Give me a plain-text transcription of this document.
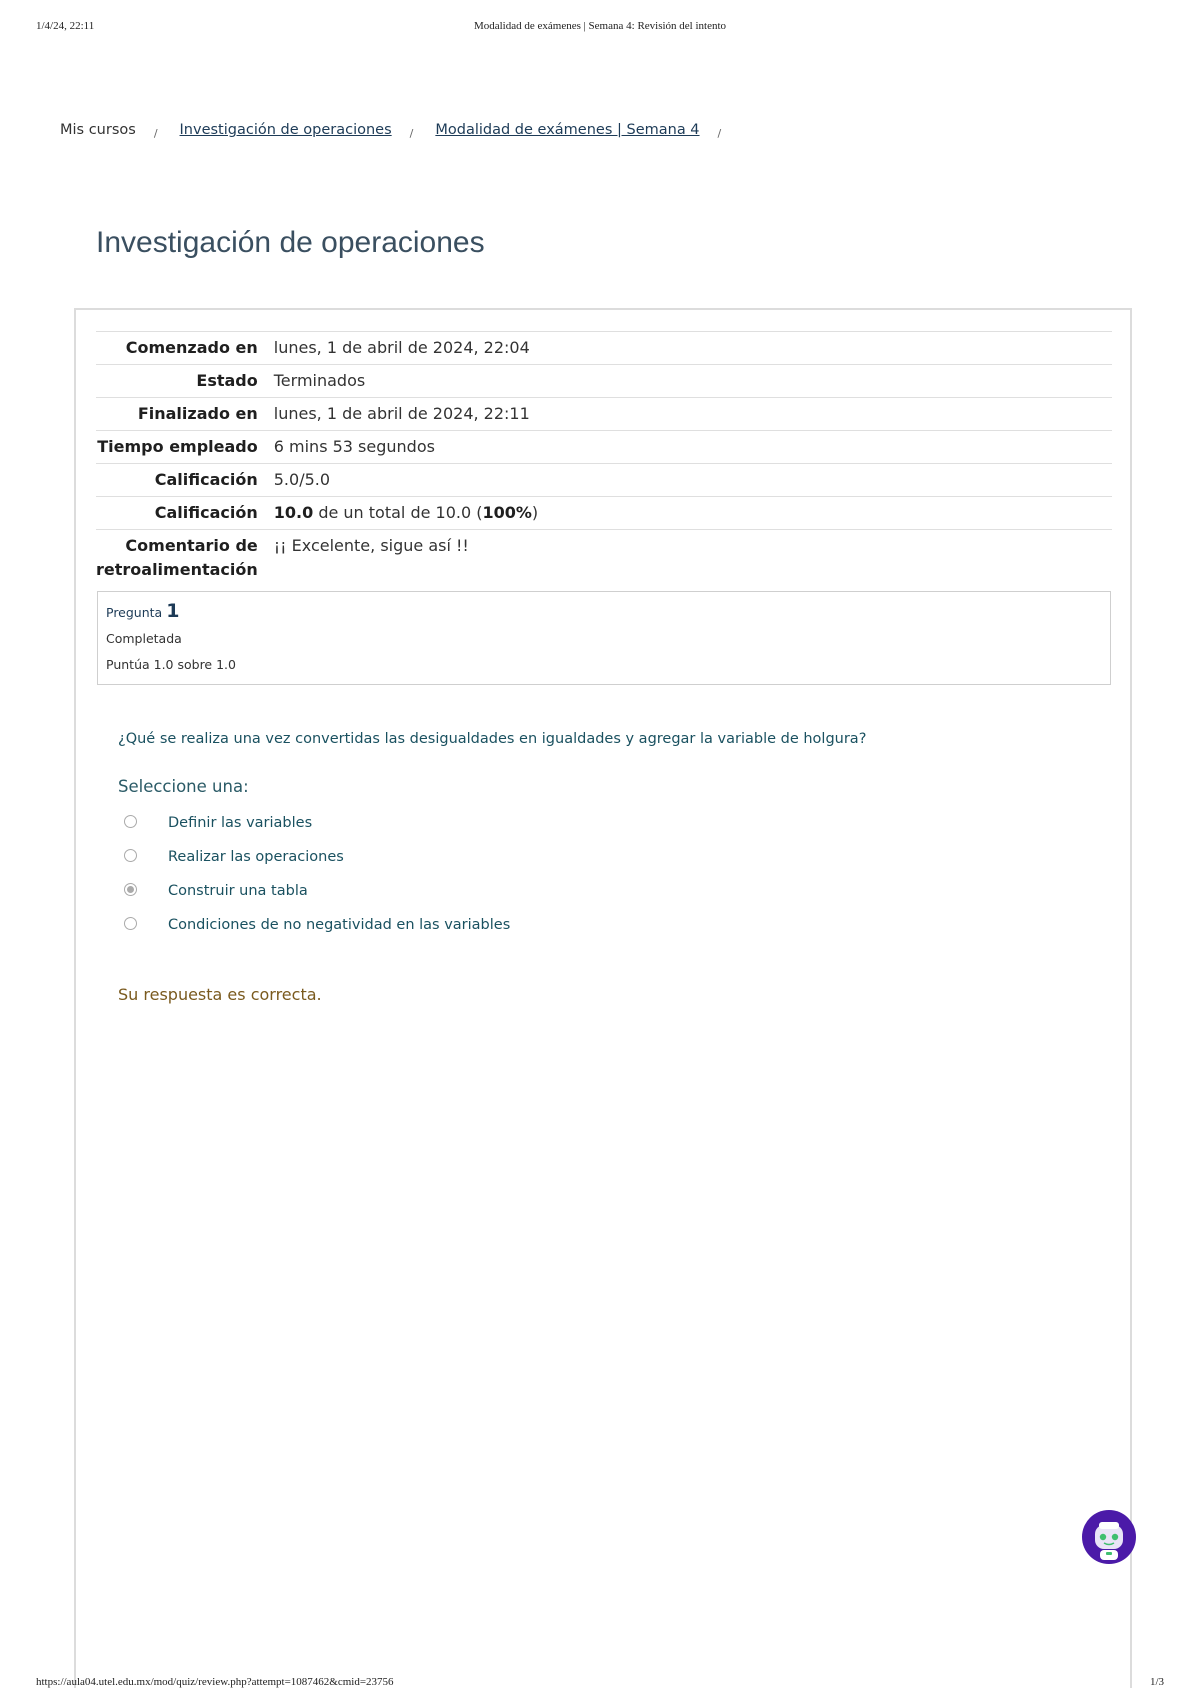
1/4/24, 22:11	Modalidad de exámenes | Semana 4: Revisión del intento
Mis cursos / Investigación de operaciones / Modalidad de exámenes | Semana 4 /
Investigación de operaciones
Comenzado en	lunes, 1 de abril de 2024, 22:04
Estado	Terminados
Finalizado en	lunes, 1 de abril de 2024, 22:11
Tiempo empleado	6 mins 53 segundos
Calificación	5.0/5.0
Calificación	10.0 de un total de 10.0 (100%)
Comentario de retroalimentación	¡¡ Excelente, sigue así !!
Pregunta 1
Completada
Puntúa 1.0 sobre 1.0
¿Qué se realiza una vez convertidas las desigualdades en igualdades y agregar la variable de holgura?
Seleccione una:
Definir las variables
Realizar las operaciones
Construir una tabla
Condiciones de no negatividad en las variables
Su respuesta es correcta.
https://aula04.utel.edu.mx/mod/quiz/review.php?attempt=1087462&cmid=23756	1/3
